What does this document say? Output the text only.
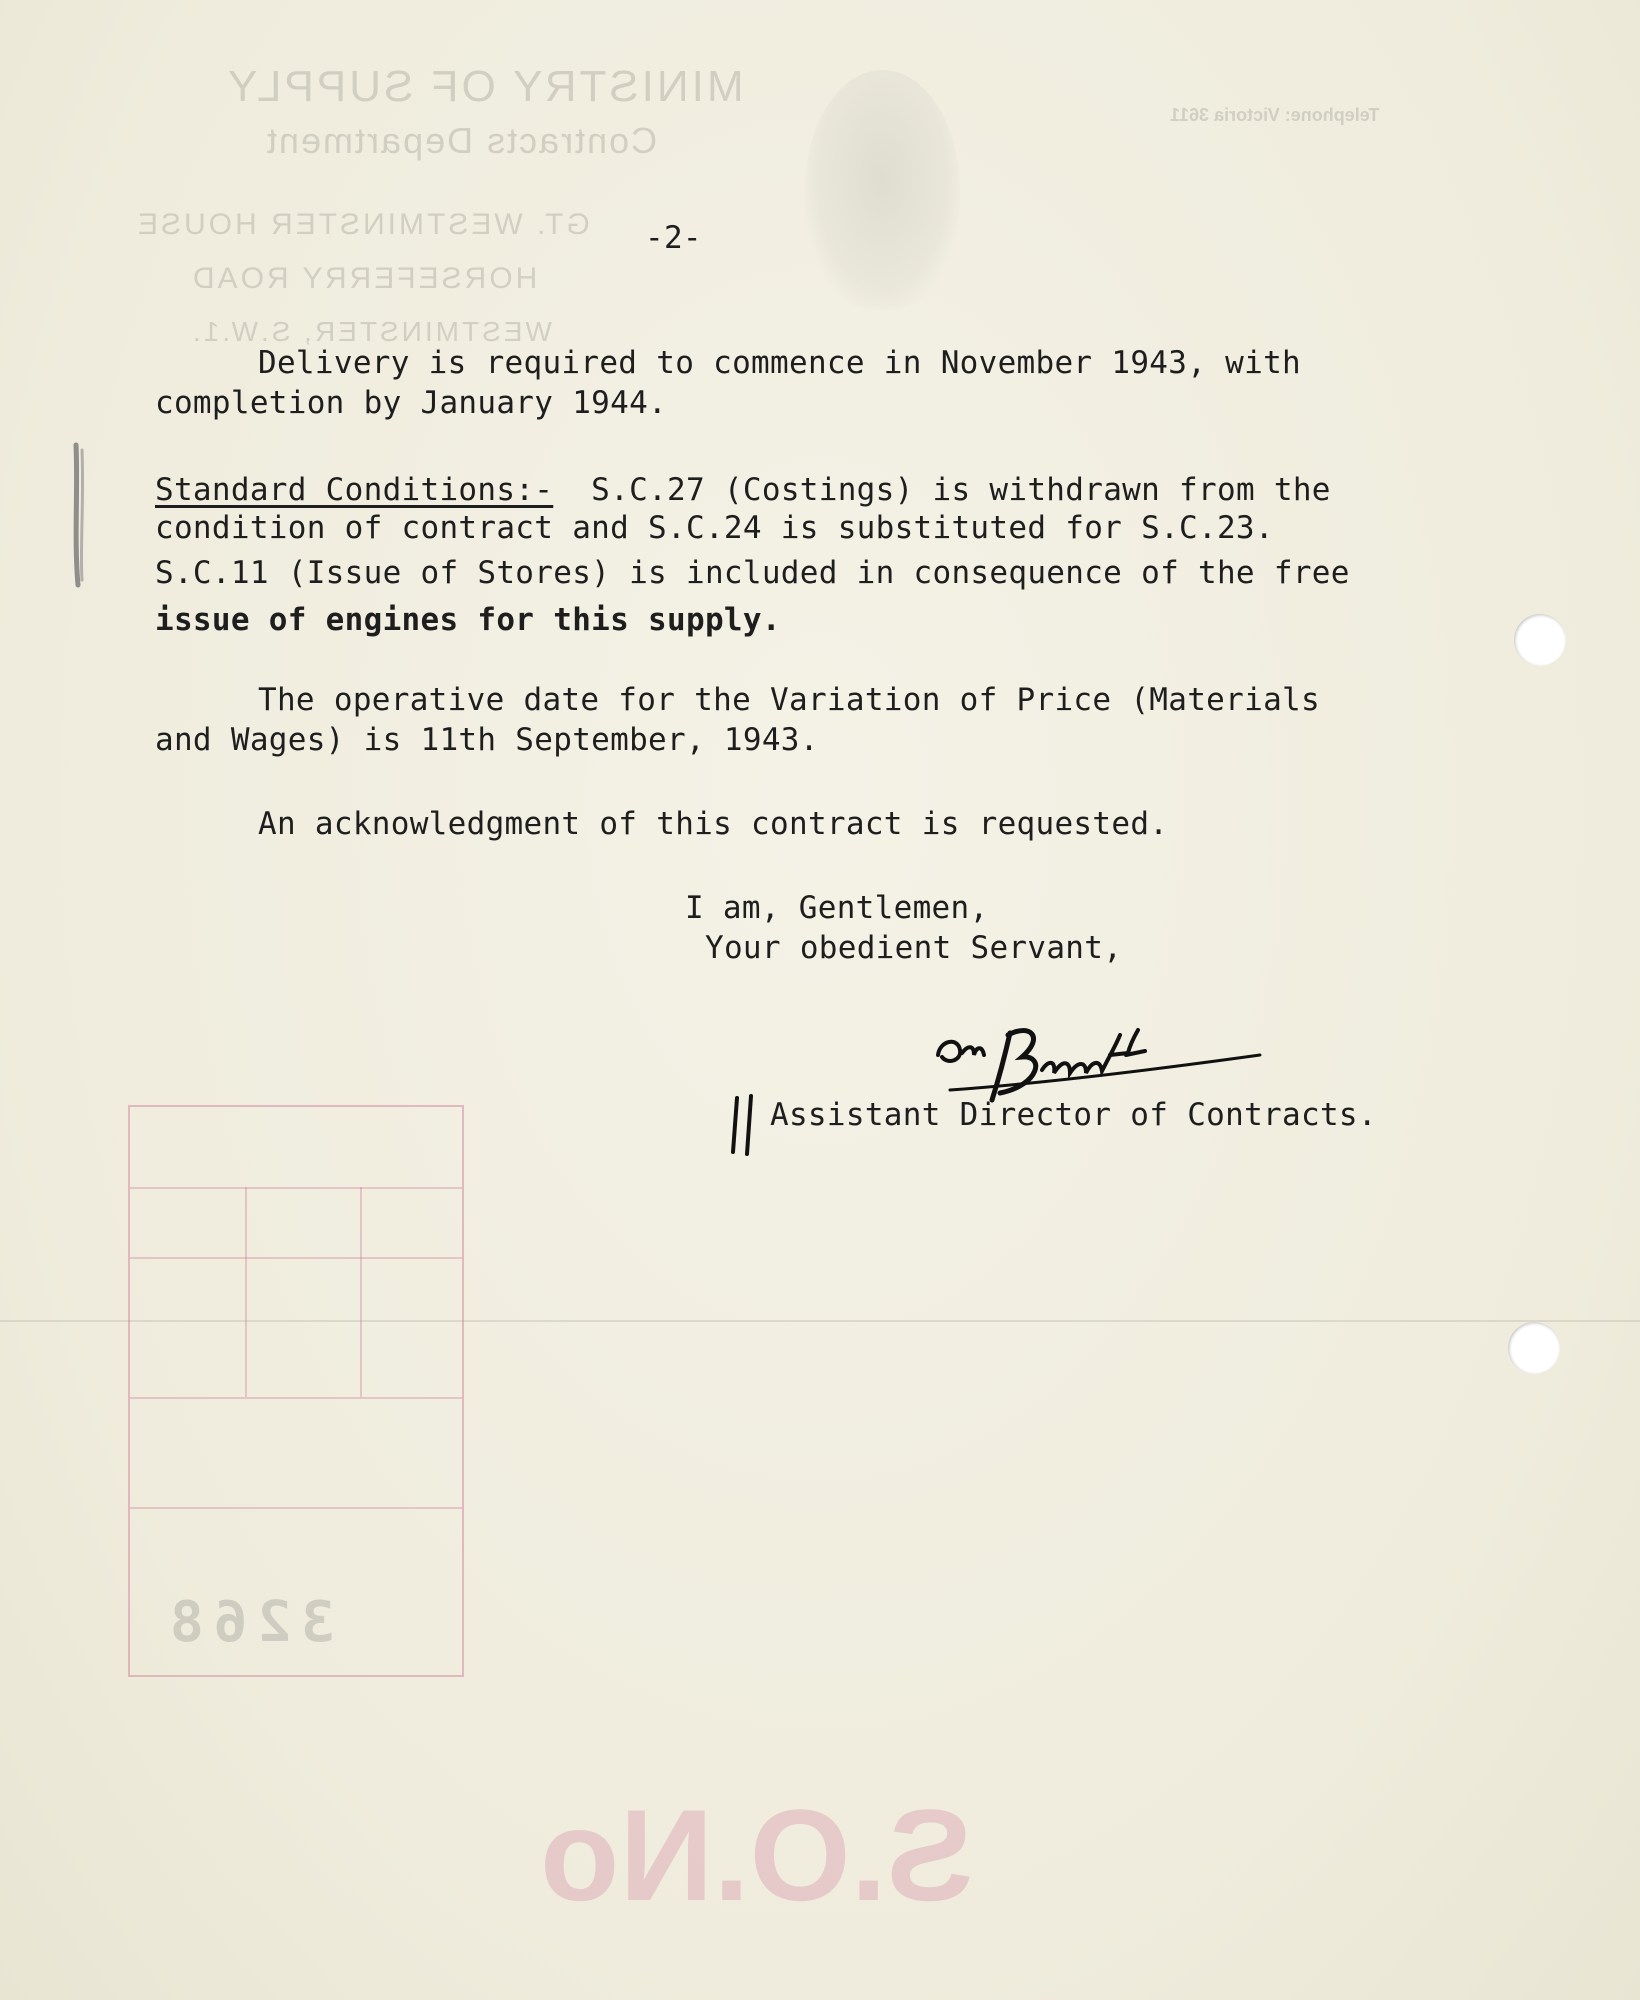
MINISTRY OF SUPPLY
Contracts Department
GT. WESTMINSTER HOUSE
HORSEFERRY ROAD
WESTMINSTER, S.W.1.
Telephone: Victoria 3611
3268
S.O.No
-2-
Delivery is required to commence in November 1943, with
completion by January 1944.
Standard Conditions:-  S.C.27 (Costings) is withdrawn from the
condition of contract and S.C.24 is substituted for S.C.23.
S.C.11 (Issue of Stores) is included in consequence of the free
issue of engines for this supply.
The operative date for the Variation of Price (Materials
and Wages) is 11th September, 1943.
An acknowledgment of this contract is requested.
I am, Gentlemen,
Your obedient Servant,
Assistant Director of Contracts.
